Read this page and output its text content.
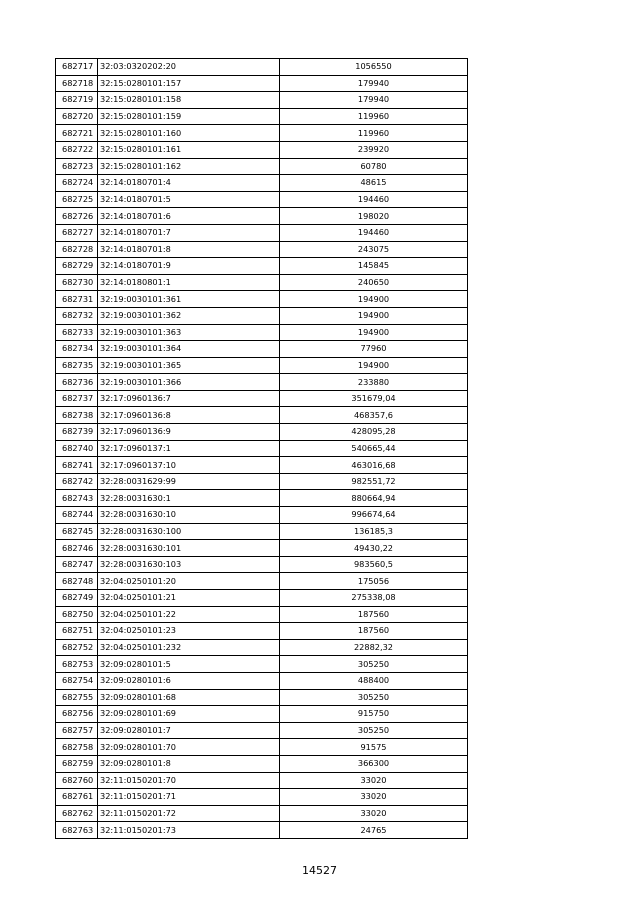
682717	32:03:0320202:20	1056550
682718	32:15:0280101:157	179940
682719	32:15:0280101:158	179940
682720	32:15:0280101:159	119960
682721	32:15:0280101:160	119960
682722	32:15:0280101:161	239920
682723	32:15:0280101:162	60780
682724	32:14:0180701:4	48615
682725	32:14:0180701:5	194460
682726	32:14:0180701:6	198020
682727	32:14:0180701:7	194460
682728	32:14:0180701:8	243075
682729	32:14:0180701:9	145845
682730	32:14:0180801:1	240650
682731	32:19:0030101:361	194900
682732	32:19:0030101:362	194900
682733	32:19:0030101:363	194900
682734	32:19:0030101:364	77960
682735	32:19:0030101:365	194900
682736	32:19:0030101:366	233880
682737	32:17:0960136:7	351679,04
682738	32:17:0960136:8	468357,6
682739	32:17:0960136:9	428095,28
682740	32:17:0960137:1	540665,44
682741	32:17:0960137:10	463016,68
682742	32:28:0031629:99	982551,72
682743	32:28:0031630:1	880664,94
682744	32:28:0031630:10	996674,64
682745	32:28:0031630:100	136185,3
682746	32:28:0031630:101	49430,22
682747	32:28:0031630:103	983560,5
682748	32:04:0250101:20	175056
682749	32:04:0250101:21	275338,08
682750	32:04:0250101:22	187560
682751	32:04:0250101:23	187560
682752	32:04:0250101:232	22882,32
682753	32:09:0280101:5	305250
682754	32:09:0280101:6	488400
682755	32:09:0280101:68	305250
682756	32:09:0280101:69	915750
682757	32:09:0280101:7	305250
682758	32:09:0280101:70	91575
682759	32:09:0280101:8	366300
682760	32:11:0150201:70	33020
682761	32:11:0150201:71	33020
682762	32:11:0150201:72	33020
682763	32:11:0150201:73	24765
14527
